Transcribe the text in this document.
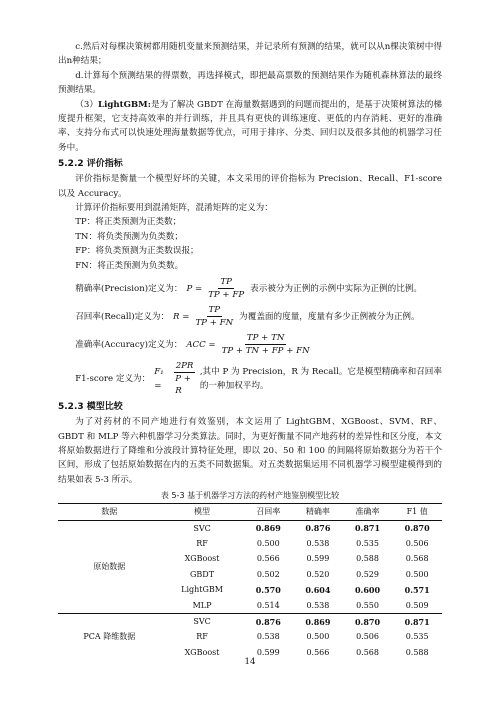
c.然后对每棵决策树都用随机变量来预测结果，并记录所有预测的结果，就可以从n棵决策树中得出n种结果；

d.计算每个预测结果的得票数，再选择模式，即把最高票数的预测结果作为随机森林算法的最终预测结果。

（3）LightGBM:是为了解决 GBDT 在海量数据遇到的问题而提出的，是基于决策树算法的梯度提升框架，它支持高效率的并行训练，并且具有更快的训练速度、更低的内存消耗、更好的准确率、支持分布式可以快速处理海量数据等优点，可用于排序、分类、回归以及很多其他的机器学习任务中。

5.2.2 评价指标

评价指标是衡量一个模型好坏的关键，本文采用的评价指标为 Precision、Recall、F1-score 以及 Accuracy。

计算评价指标要用到混淆矩阵，混淆矩阵的定义为：

TP：将正类预测为正类数；

TN：将负类预测为负类数；

FP：将负类预测为正类数误报；

FN：将正类预测为负类数。

精确率(Precision)定义为： $P = \frac{TP}{TP + FP}$ 表示被分为正例的示例中实际为正例的比例。
召回率(Recall)定义为： $R = \frac{TP}{TP + FN}$ 为覆盖面的度量，度量有多少正例被分为正例。
准确率(Accuracy)定义为： ACC = $\frac{TP + TN}{TP + TN + FP + FN}$
F1-score 定义为：
F₁ =	$\frac{2PR}{P + R}$ ,其中 P 为 Precision，R 为 Recall。它是模型精确率和召回率的一种加权平均。
5.2.3 模型比较

为了对药材的不同产地进行有效鉴别，本文运用了 LightGBM、XGBoost、SVM、RF、GBDT 和 MLP 等六种机器学习分类算法。同时，为更好衡量不同产地药材的差异性和区分度，本文将原始数据进行了降维和分波段计算特征处理，即以 20、50 和 100 的间隔将原始数据分为若干个区间，形成了包括原始数据在内的五类不同数据集。对五类数据集运用不同机器学习模型建模得到的结果如表 5-3 所示。

表 5-3 基于机器学习方法的药材产地鉴别模型比较
数据	模型	召回率	精确率	准确率	F1 值
原始数据	SVC	0.869	0.876	0.871	0.870
	RF	0.500	0.538	0.535	0.506
	XGBoost	0.566	0.599	0.588	0.568
	GBDT	0.502	0.520	0.529	0.500
	LightGBM	0.570	0.604	0.600	0.571
	MLP	0.514	0.538	0.550	0.509
PCA 降维数据	SVC	0.876	0.869	0.870	0.871
	RF	0.538	0.500	0.506	0.535
	XGBoost	0.599	0.566	0.568	0.588
14
